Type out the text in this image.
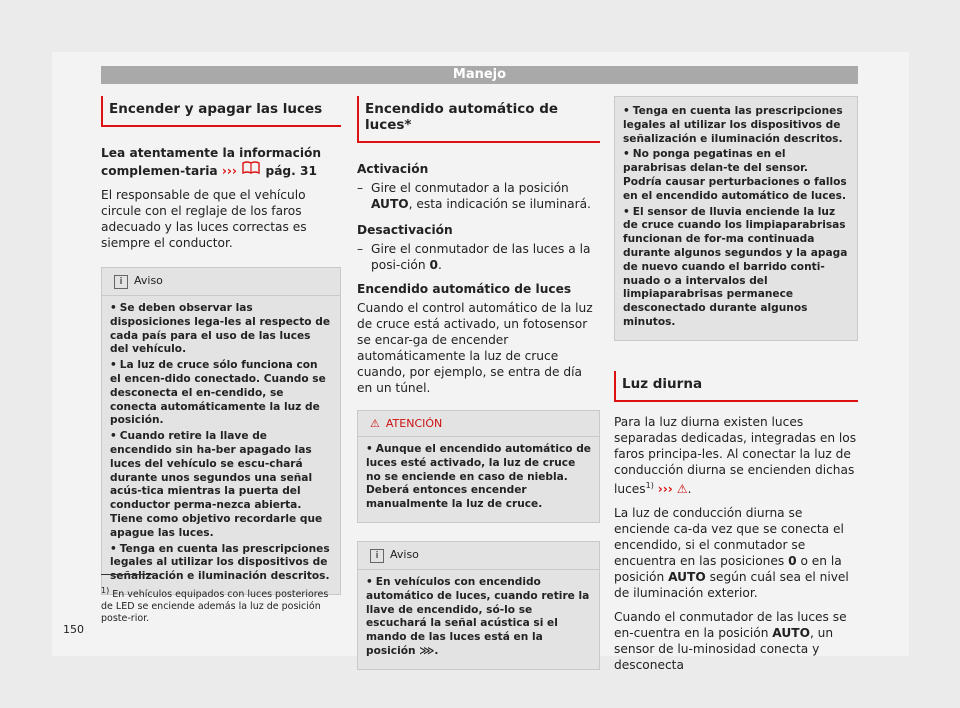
Manejo
Encender y apagar las luces

Lea atentamente la información complemen-taria ››› pág. 31

El responsable de que el vehículo circule con el reglaje de los faros adecuado y las luces correctas es siempre el conductor.

i Aviso
• Se deben observar las disposiciones lega-les al respecto de cada país para el uso de las luces del vehículo.
• La luz de cruce sólo funciona con el encen-dido conectado. Cuando se desconecta el en-cendido, se conecta automáticamente la luz de posición.
• Cuando retire la llave de encendido sin ha-ber apagado las luces del vehículo se escu-chará durante unos segundos una señal acús-tica mientras la puerta del conductor perma-nezca abierta. Tiene como objetivo recordarle que apague las luces.
• Tenga en cuenta las prescripciones legales al utilizar los dispositivos de señalización e iluminación descritos.
Encendido automático de luces*

Activación

– Gire el conmutador a la posición AUTO, esta indicación se iluminará.

Desactivación

– Gire el conmutador de las luces a la posi-ción 0.

Encendido automático de luces

Cuando el control automático de la luz de cruce está activado, un fotosensor se encar-ga de encender automáticamente la luz de cruce cuando, por ejemplo, se entra de día en un túnel.

⚠ ATENCIÓN
• Aunque el encendido automático de luces esté activado, la luz de cruce no se enciende en caso de niebla. Deberá entonces encender manualmente la luz de cruce.
i Aviso
• En vehículos con encendido automático de luces, cuando retire la llave de encendido, só-lo se escuchará la señal acústica si el mando de las luces está en la posición ⋙.
• Tenga en cuenta las prescripciones legales al utilizar los dispositivos de señalización e iluminación descritos.
• No ponga pegatinas en el parabrisas delan-te del sensor. Podría causar perturbaciones o fallos en el encendido automático de luces.
• El sensor de lluvia enciende la luz de cruce cuando los limpiaparabrisas funcionan de for-ma continuada durante algunos segundos y la apaga de nuevo cuando el barrido conti-nuado o a intervalos del limpiaparabrisas permanece desconectado durante algunos minutos.
Luz diurna

Para la luz diurna existen luces separadas dedicadas, integradas en los faros principa-les. Al conectar la luz de conducción diurna se encienden dichas luces$^{1)}$ ››› ⚠.

La luz de conducción diurna se enciende ca-da vez que se conecta el encendido, si el conmutador se encuentra en las posiciones 0 o en la posición AUTO según cuál sea el nivel de iluminación exterior.

Cuando el conmutador de las luces se en-cuentra en la posición AUTO, un sensor de lu-minosidad conecta y desconecta

$^{1)}$ En vehículos equipados con luces posteriores de LED se enciende además la luz de posición poste-rior.
150
